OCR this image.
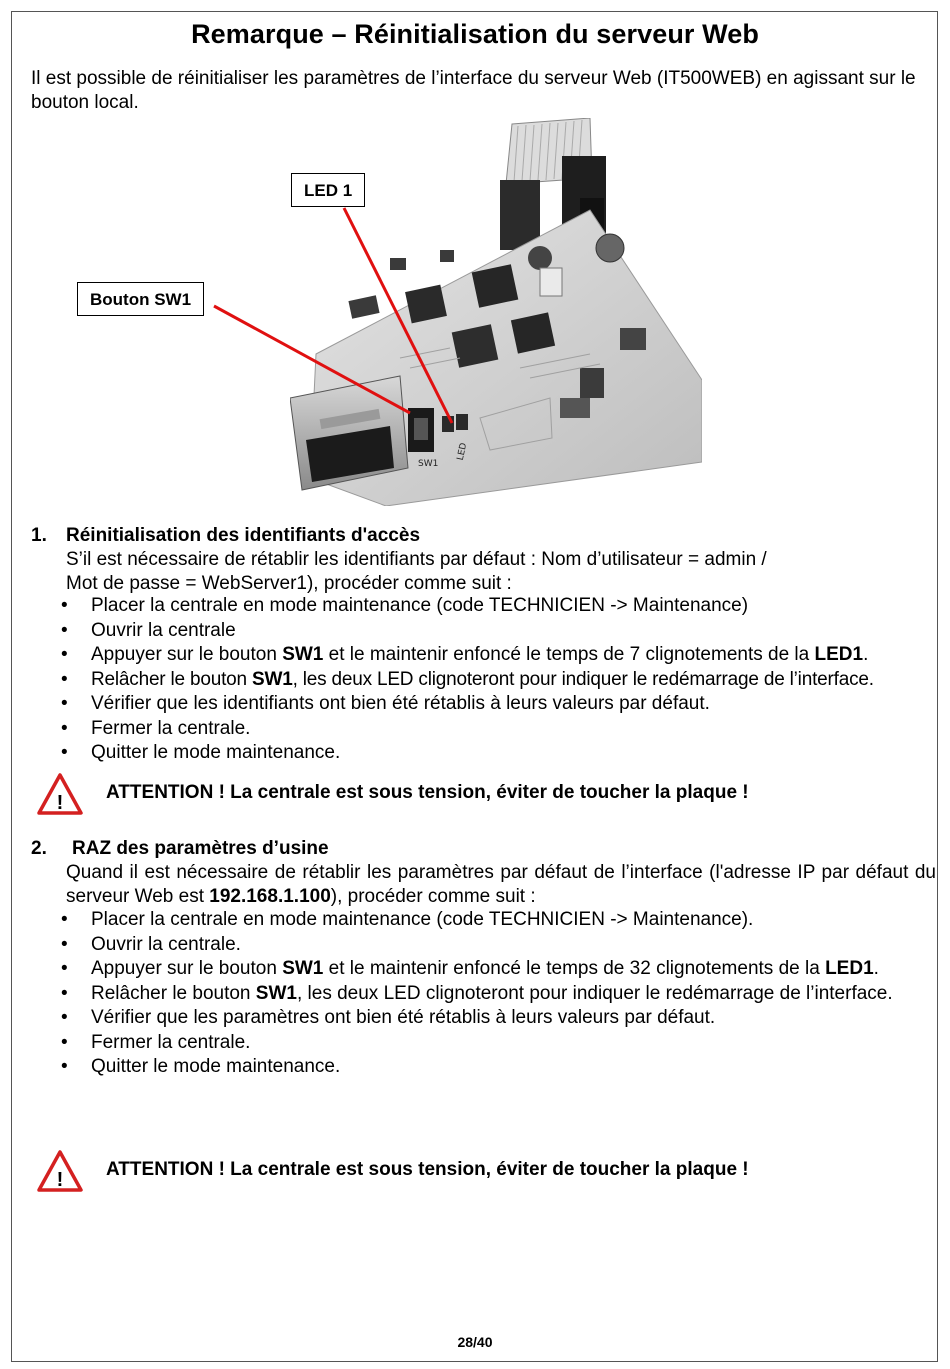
Remarque – Réinitialisation du serveur Web
Il est possible de réinitialiser les paramètres de l’interface du serveur Web (IT500WEB) en agissant sur le bouton local.
SW1
LED
LED 1
Bouton SW1
1. Réinitialisation des identifiants d'accès
S’il est nécessaire de rétablir les identifiants par défaut : Nom d’utilisateur = admin /
Mot de passe = WebServer1), procéder comme suit :
• Placer la centrale en mode maintenance (code TECHNICIEN -> Maintenance)
• Ouvrir la centrale
• Appuyer sur le bouton SW1 et le maintenir enfoncé le temps de 7 clignotements de la LED1.
• Relâcher le bouton SW1, les deux LED clignoteront pour indiquer le redémarrage de l’interface.
• Vérifier que les identifiants ont bien été rétablis à leurs valeurs par défaut.
• Fermer la centrale.
• Quitter le mode maintenance.
! ATTENTION ! La centrale est sous tension, éviter de toucher la plaque !
2. RAZ des paramètres d’usine
Quand il est nécessaire de rétablir les paramètres par défaut de l’interface (l'adresse IP par défaut du serveur Web est 192.168.1.100), procéder comme suit :
• Placer la centrale en mode maintenance (code TECHNICIEN -> Maintenance).
• Ouvrir la centrale.
• Appuyer sur le bouton SW1 et le maintenir enfoncé le temps de 32 clignotements de la LED1.
• Relâcher le bouton SW1, les deux LED clignoteront pour indiquer le redémarrage de l’interface.
• Vérifier que les paramètres ont bien été rétablis à leurs valeurs par défaut.
• Fermer la centrale.
• Quitter le mode maintenance.
! ATTENTION ! La centrale est sous tension, éviter de toucher la plaque !
28/40
